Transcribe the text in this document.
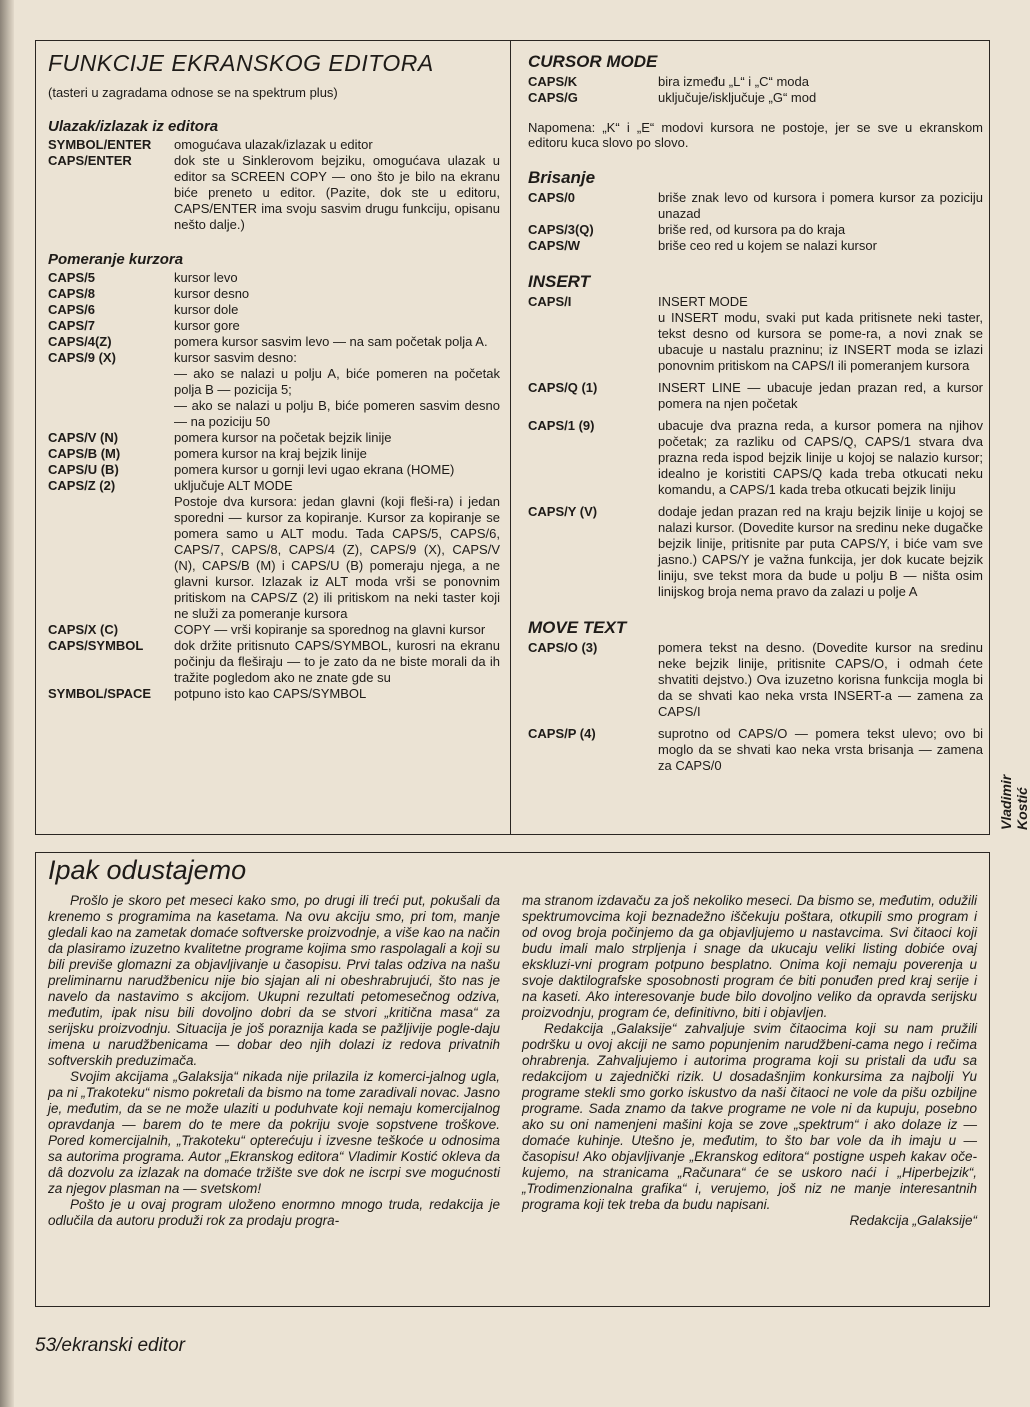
FUNKCIJE EKRANSKOG EDITORA
(tasteri u zagradama odnose se na spektrum plus)
Ulazak/izlazak iz editora
SYMBOL/ENTER	omogućava ulazak/izlazak u editor
CAPS/ENTER	dok ste u Sinklerovom bejziku, omogućava ulazak u editor sa SCREEN COPY — ono što je bilo na ekranu biće preneto u editor. (Pazite, dok ste u editoru, CAPS/ENTER ima svoju sasvim drugu funkciju, opisanu nešto dalje.)
Pomeranje kurzora
CAPS/5	kursor levo
CAPS/8	kursor desno
CAPS/6	kursor dole
CAPS/7	kursor gore
CAPS/4(Z)	pomera kursor sasvim levo — na sam početak polja A.
CAPS/9 (X)	kursor sasvim desno:
— ako se nalazi u polju A, biće pomeren na početak polja B — pozicija 5;
— ako se nalazi u polju B, biće pomeren sasvim desno — na poziciju 50
CAPS/V (N)	pomera kursor na početak bejzik linije
CAPS/B (M)	pomera kursor na kraj bejzik linije
CAPS/U (B)	pomera kursor u gornji levi ugao ekrana (HOME)
CAPS/Z (2)	uključuje ALT MODE
Postoje dva kursora: jedan glavni (koji fleši-ra) i jedan sporedni — kursor za kopiranje. Kursor za kopiranje se pomera samo u ALT modu. Tada CAPS/5, CAPS/6, CAPS/7, CAPS/8, CAPS/4 (Z), CAPS/9 (X), CAPS/V (N), CAPS/B (M) i CAPS/U (B) pomeraju njega, a ne glavni kursor. Izlazak iz ALT moda vrši se ponovnim pritiskom na CAPS/Z (2) ili pritiskom na neki taster koji ne služi za pomeranje kursora
CAPS/X (C)	COPY — vrši kopiranje sa sporednog na glavni kursor
CAPS/SYMBOL	dok držite pritisnuto CAPS/SYMBOL, kurosri na ekranu počinju da fleširaju — to je zato da ne biste morali da ih tražite pogledom ako ne znate gde su
SYMBOL/SPACE	potpuno isto kao CAPS/SYMBOL
CURSOR MODE
CAPS/K	bira između „L“ i „C“ moda
CAPS/G	uključuje/isključuje „G“ mod
Napomena: „K“ i „E“ modovi kursora ne postoje, jer se sve u ekranskom editoru kuca slovo po slovo.
Brisanje
CAPS/0	briše znak levo od kursora i pomera kursor za poziciju unazad
CAPS/3(Q)	briše red, od kursora pa do kraja
CAPS/W	briše ceo red u kojem se nalazi kursor
INSERT
CAPS/I	INSERT MODE
u INSERT modu, svaki put kada pritisnete neki taster, tekst desno od kursora se pome-ra, a novi znak se ubacuje u nastalu prazninu; iz INSERT moda se izlazi ponovnim pritiskom na CAPS/I ili pomeranjem kursora
CAPS/Q (1)	INSERT LINE — ubacuje jedan prazan red, a kursor pomera na njen početak
CAPS/1 (9)	ubacuje dva prazna reda, a kursor pomera na njihov početak; za razliku od CAPS/Q, CAPS/1 stvara dva prazna reda ispod bejzik linije u kojoj se nalazio kursor; idealno je koristiti CAPS/Q kada treba otkucati neku komandu, a CAPS/1 kada treba otkucati bejzik liniju
CAPS/Y (V)	dodaje jedan prazan red na kraju bejzik linije u kojoj se nalazi kursor. (Dovedite kursor na sredinu neke dugačke bejzik linije, pritisnite par puta CAPS/Y, i biće vam sve jasno.) CAPS/Y je važna funkcija, jer dok kucate bejzik liniju, sve tekst mora da bude u polju B — ništa osim linijskog broja nema pravo da zalazi u polje A
MOVE TEXT
CAPS/O (3)	pomera tekst na desno. (Dovedite kursor na sredinu neke bejzik linije, pritisnite CAPS/O, i odmah ćete shvatiti dejstvo.) Ova izuzetno korisna funkcija mogla bi da se shvati kao neka vrsta INSERT-a — zamena za CAPS/I
CAPS/P (4)	suprotno od CAPS/O — pomera tekst ulevo; ovo bi moglo da se shvati kao neka vrsta brisanja — zamena za CAPS/0
Vladimir Kostić
Ipak odustajemo

Prošlo je skoro pet meseci kako smo, po drugi ili treći put, pokušali da krenemo s programima na kasetama. Na ovu akciju smo, pri tom, manje gledali kao na zametak domaće softverske proizvodnje, a više kao na način da plasiramo izuzetno kvalitetne programe kojima smo raspolagali a koji su bili previše glomazni za objavljivanje u časopisu. Prvi talas odziva na našu preliminarnu narudžbenicu nije bio sjajan ali ni obeshrabrujući, što nas je navelo da nastavimo s akcijom. Ukupni rezultati petomesečnog odziva, međutim, ipak nisu bili dovoljno dobri da se stvori „kritična masa“ za serijsku proizvodnju. Situacija je još poraznija kada se pažljivije pogle-daju imena u narudžbenicama — dobar deo njih dolazi iz redova privatnih softverskih preduzimača.

Svojim akcijama „Galaksija“ nikada nije prilazila iz komerci-jalnog ugla, pa ni „Trakoteku“ nismo pokretali da bismo na tome zaradivali novac. Jasno je, međutim, da se ne može ulaziti u poduhvate koji nemaju komercijalnog opravdanja — barem do te mere da pokriju svoje sopstvene troškove. Pored komercijalnih, „Trakoteku“ opterećuju i izvesne teškoće u odnosima sa autorima programa. Autor „Ekranskog editora“ Vladimir Kostić okleva da dâ dozvolu za izlazak na domaće tržište sve dok ne iscrpi sve mogućnosti za njegov plasman na — svetskom!

Pošto je u ovaj program uloženo enormno mnogo truda, redakcija je odlučila da autoru produži rok za prodaju progra-

ma stranom izdavaču za još nekoliko meseci. Da bismo se, međutim, odužili spektrumovcima koji beznadežno iščekuju poštara, otkupili smo program i od ovog broja počinjemo da ga objavljujemo u nastavcima. Svi čitaoci koji budu imali malo strpljenja i snage da ukucaju veliki listing dobiće ovaj ekskluzi-vni program potpuno besplatno. Onima koji nemaju poverenja u svoje daktilografske sposobnosti program će biti ponuđen pred kraj serije i na kaseti. Ako interesovanje bude bilo dovoljno veliko da opravda serijsku proizvodnju, program će, definitivno, biti i objavljen.

Redakcija „Galaksije“ zahvaljuje svim čitaocima koji su nam pružili podršku u ovoj akciji ne samo popunjenim narudžbeni-cama nego i rečima ohrabrenja. Zahvaljujemo i autorima programa koji su pristali da uđu sa redakcijom u zajednički rizik. U dosadašnjim konkursima za najbolji Yu programe stekli smo gorko iskustvo da naši čitaoci ne vole da pišu ozbiljne programe. Sada znamo da takve programe ne vole ni da kupuju, posebno ako su oni namenjeni mašini koja se zove „spektrum“ i ako dolaze iz — domaće kuhinje. Utešno je, međutim, to što bar vole da ih imaju u — časopisu! Ako objavljivanje „Ekranskog editora“ postigne uspeh kakav oče-kujemo, na stranicama „Računara“ će se uskoro naći i „Hiperbejzik“, „Trodimenzionalna grafika“ i, verujemo, još niz ne manje interesantnih programa koji tek treba da budu napisani.

Redakcija „Galaksije“
53/ekranski editor
